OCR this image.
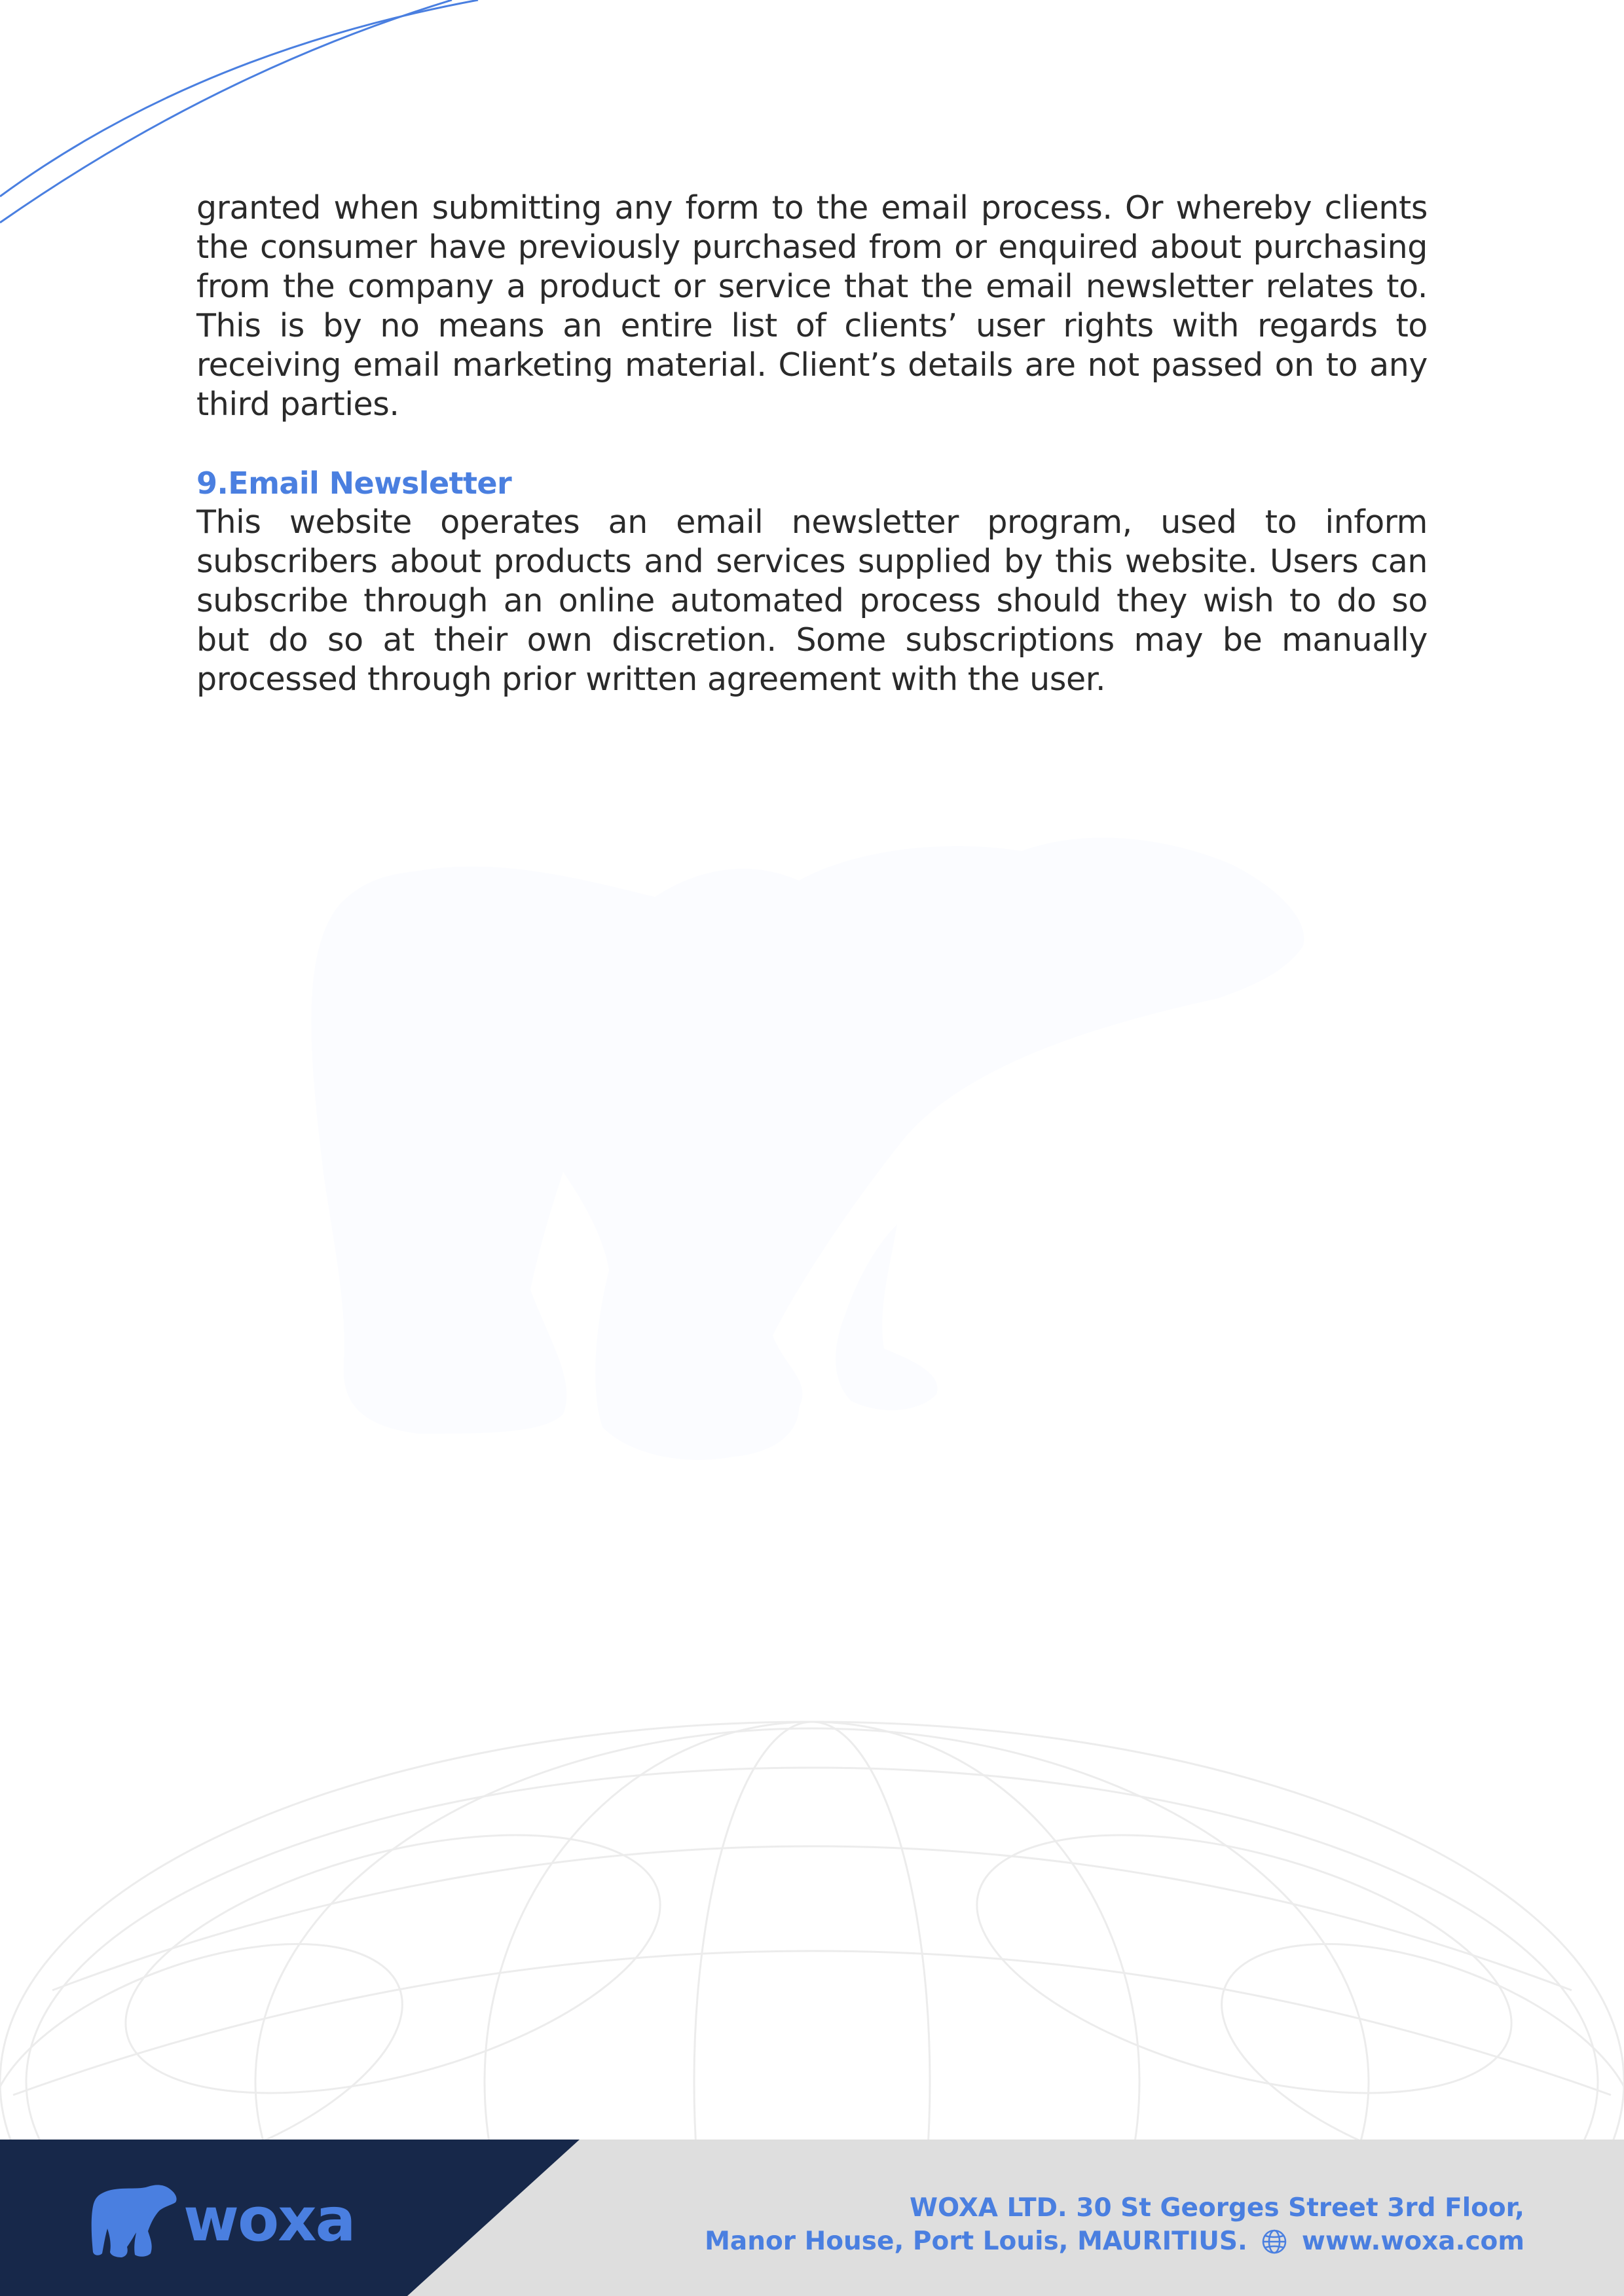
granted when submitting any form to the email process. Or whereby clients the consumer have previously purchased from or enquired about purchasing from the company a product or service that the email newsletter relates to. This is by no means an entire list of clients’ user rights with regards to receiving email marketing material. Client’s details are not passed on to any third parties.

9.Email Newsletter

This website operates an email newsletter program, used to inform subscribers about products and services supplied by this website. Users can subscribe through an online automated process should they wish to do so but do so at their own discretion. Some subscriptions may be manually processed through prior written agreement with the user.

woxa	WOXA LTD. 30 St Georges Street 3rd Floor,
Manor House, Port Louis, MAURITIUS. www.woxa.com
